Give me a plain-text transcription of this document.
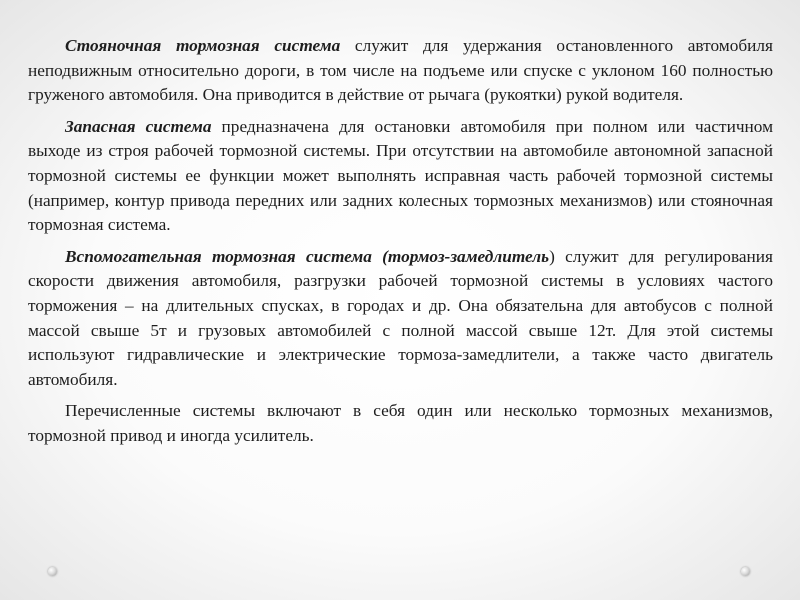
Стояночная тормозная система служит для удержания остановленного автомобиля неподвижным относительно дороги, в том числе на подъеме или спуске с уклоном 160 полностью груженого автомобиля. Она приводится в действие от рычага (рукоятки) рукой водителя.

Запасная система предназначена для остановки автомобиля при полном или частичном выходе из строя рабочей тормозной системы. При отсутствии на автомобиле автономной запасной тормозной системы ее функции может выполнять исправная часть рабочей тормозной системы (например, контур привода передних или задних колесных тормозных механизмов) или стояночная тормозная система.

Вспомогательная тормозная система (тормоз-замедлитель) служит для регулирования скорости движения автомобиля, разгрузки рабочей тормозной системы в условиях частого торможения – на длительных спусках, в городах и др. Она обязательна для автобусов с полной массой свыше 5т и грузовых автомобилей с полной массой свыше 12т. Для этой системы используют гидравлические и электрические тормоза-замедлители, а также часто двигатель автомобиля.

Перечисленные системы включают в себя один или несколько тормозных механизмов, тормозной привод и иногда усилитель.
